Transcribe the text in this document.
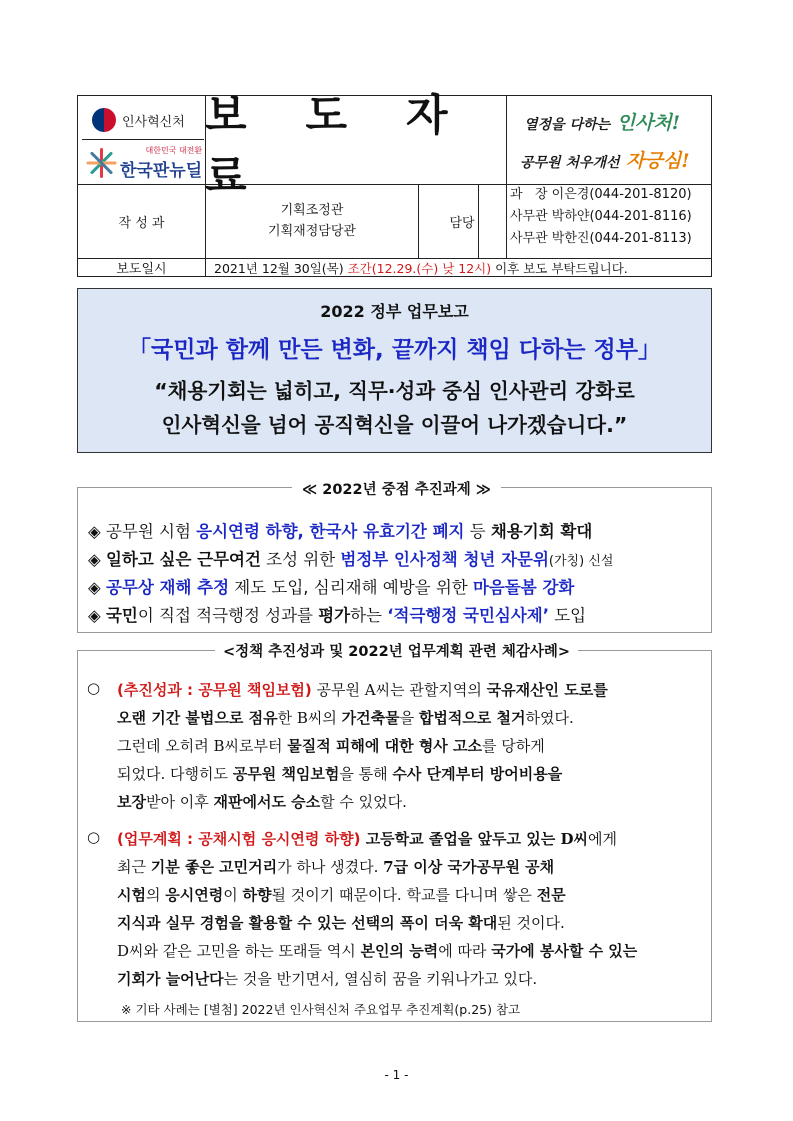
인사혁신처
대한민국 대전환
한국판뉴딜
보 도 자 료
열정을 다하는 인사처!
공무원 처우개선 자긍심!
작 성 과
기획조정관
기획재정담당관
담당
과   장 이은경(044-201-8120)
사무관 박하얀(044-201-8116)
사무관 박한진(044-201-8113)
보도일시	2021년 12월 30일(목) 조간(12.29.(수) 낮 12시) 이후 보도 부탁드립니다.
2022 정부 업무보고
「국민과 함께 만든 변화, 끝까지 책임 다하는 정부」
“채용기회는 넓히고, 직무·성과 중심 인사관리 강화로
인사혁신을 넘어 공직혁신을 이끌어 나가겠습니다.”
≪ 2022년 중점 추진과제 ≫
◈ 공무원 시험 응시연령 하향, 한국사 유효기간 폐지 등 채용기회 확대
◈ 일하고 싶은 근무여건 조성 위한 범정부 인사정책 청년 자문위(가칭) 신설
◈ 공무상 재해 추정 제도 도입, 심리재해 예방을 위한 마음돌봄 강화
◈ 국민이 직접 적극행정 성과를 평가하는 ‘적극행정 국민심사제’ 도입
<정책 추진성과 및 2022년 업무계획 관련 체감사례>
○ (추진성과 : 공무원 책임보험) 공무원 A씨는 관할지역의 국유재산인 도로를
오랜 기간 불법으로 점유한 B씨의 가건축물을 합법적으로 철거하였다.
그런데 오히려 B씨로부터 물질적 피해에 대한 형사 고소를 당하게
되었다. 다행히도 공무원 책임보험을 통해 수사 단계부터 방어비용을
보장받아 이후 재판에서도 승소할 수 있었다.
○ (업무계획 : 공채시험 응시연령 하향) 고등학교 졸업을 앞두고 있는 D씨에게
최근 기분 좋은 고민거리가 하나 생겼다. 7급 이상 국가공무원 공채
시험의 응시연령이 하향될 것이기 때문이다. 학교를 다니며 쌓은 전문
지식과 실무 경험을 활용할 수 있는 선택의 폭이 더욱 확대된 것이다.
D씨와 같은 고민을 하는 또래들 역시 본인의 능력에 따라 국가에 봉사할 수 있는
기회가 늘어난다는 것을 반기면서, 열심히 꿈을 키워나가고 있다.
※ 기타 사례는 [별첨] 2022년 인사혁신처 주요업무 추진계획(p.25) 참고
- 1 -
